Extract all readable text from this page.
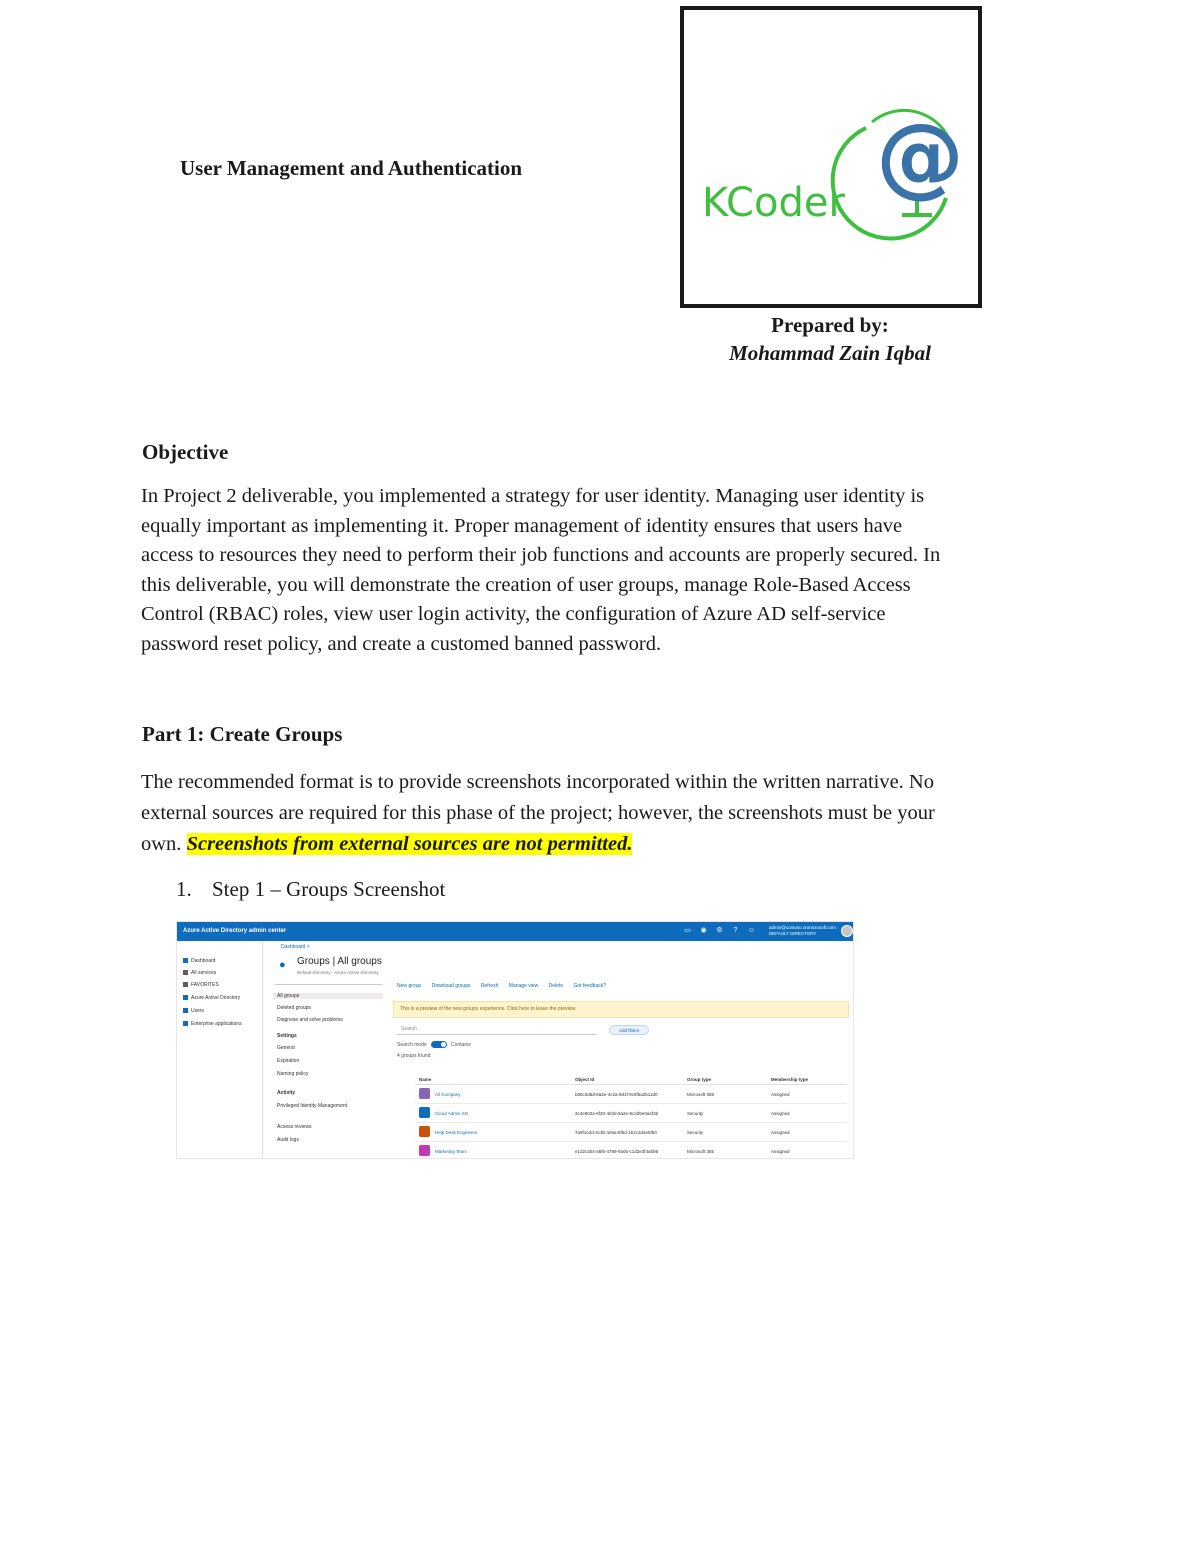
User Management and Authentication	@
KCoder
Prepared by:
Mohammad Zain Iqbal
Objective
In Project 2 deliverable, you implemented a strategy for user identity. Managing user identity is
equally important as implementing it. Proper management of identity ensures that users have
access to resources they need to perform their job functions and accounts are properly secured. In
this deliverable, you will demonstrate the creation of user groups, manage Role-Based Access
Control (RBAC) roles, view user login activity, the configuration of Azure AD self-service
password reset policy, and create a customed banned password.
Part 1: Create Groups
The recommended format is to provide screenshots incorporated within the written narrative. No
external sources are required for this phase of the project; however, the screenshots must be your
own. Screenshots from external sources are not permitted.
1. Step 1 – Groups Screenshot
Azure Active Directory admin center	▭ ◉ ⚙	?	☺	admin@contoso.onmicrosoft.com
DEFAULT DIRECTORY
Dashboard
All services
FAVORITES
Azure Active Directory
Users
Enterprise applications
Dashboard >
●	Groups | All groups
Default Directory - Azure Active Directory
All groups
Deleted groups
Diagnose and solve problems
Settings
General
Expiration
Naming policy
Activity
Privileged Identity Management
Access reviews
Audit logs
New group Download groups Refresh Manage view Delete Got feedback?
This is a preview of the new groups experience. Click here to leave the preview.
Search	Add filters
Search mode	Contains
4 groups found
Name	Object Id	Group type	Membership type
All Company	b85c0d5d-8a2e-4c2a-9d1f-0c9f5a2b11d0	Microsoft 365	Assigned
Cloud Admin SG	3c4e902a-6f20-4b3d-8a2e-9c2d5e0a4f3b	Security	Assigned
Help Desk Engineers	7a9f1e2d-4c3b-4e5a-8f6d-1b2c3d4e5f60	Security	Assigned
Marketing Team	e1d2c3b4-a5f6-4789-9a0b-c1d2e3f4a5b6	Microsoft 365	Assigned
